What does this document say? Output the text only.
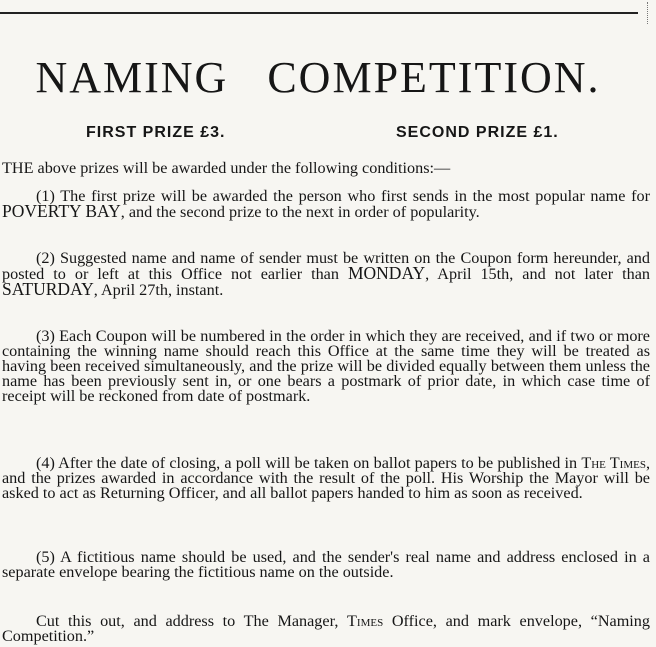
NAMING   COMPETITION.
FIRST PRIZE £3.	SECOND PRIZE £1.
THE above prizes will be awarded under the following conditions:—
(1) The first prize will be awarded the person who first sends in the most popular name for POVERTY BAY, and the second prize to the next in order of popularity.
(2) Suggested name and name of sender must be written on the Coupon form hereunder, and posted to or left at this Office not earlier than MONDAY, April 15th, and not later than SATURDAY, April 27th, instant.
(3) Each Coupon will be numbered in the order in which they are received, and if two or more containing the winning name should reach this Office at the same time they will be treated as having been received simultaneously, and the prize will be divided equally between them unless the name has been previously sent in, or one bears a postmark of prior date, in which case time of receipt will be reckoned from date of postmark.
(4) After the date of closing, a poll will be taken on ballot papers to be published in The Times, and the prizes awarded in accordance with the result of the poll. His Worship the Mayor will be asked to act as Returning Officer, and all ballot papers handed to him as soon as received.
(5) A fictitious name should be used, and the sender's real name and address enclosed in a separate envelope bearing the fictitious name on the outside.
Cut this out, and address to The Manager, Times Office, and mark envelope, “Naming Competition.”
